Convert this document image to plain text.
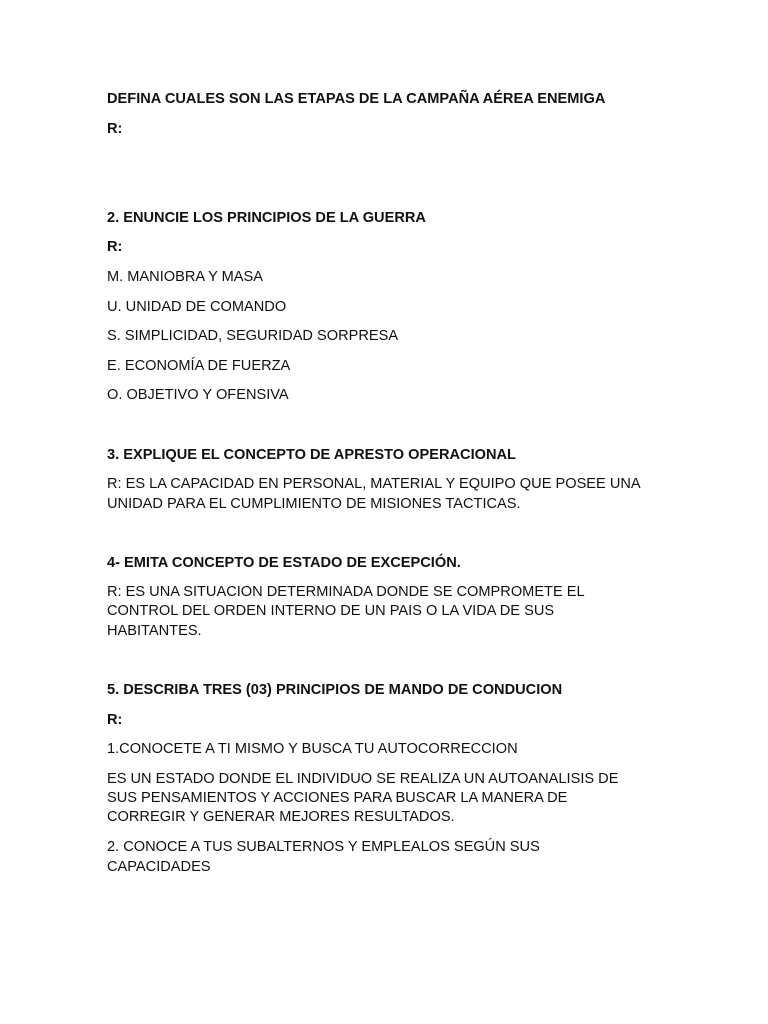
DEFINA CUALES SON LAS ETAPAS DE LA CAMPAÑA AÉREA ENEMIGA

R:

2. ENUNCIE LOS PRINCIPIOS DE LA GUERRA

R:

M. MANIOBRA Y MASA

U. UNIDAD DE COMANDO

S. SIMPLICIDAD, SEGURIDAD SORPRESA

E. ECONOMÍA DE FUERZA

O. OBJETIVO Y OFENSIVA

3. EXPLIQUE EL CONCEPTO DE APRESTO OPERACIONAL

R: ES LA CAPACIDAD EN PERSONAL, MATERIAL Y EQUIPO QUE POSEE UNA

UNIDAD PARA EL CUMPLIMIENTO DE MISIONES TACTICAS.

4- EMITA CONCEPTO DE ESTADO DE EXCEPCIÓN.

R: ES UNA SITUACION DETERMINADA DONDE SE COMPROMETE EL

CONTROL DEL ORDEN INTERNO DE UN PAIS O LA VIDA DE SUS

HABITANTES.

5. DESCRIBA TRES (03) PRINCIPIOS DE MANDO DE CONDUCION

R:

1.CONOCETE A TI MISMO Y BUSCA TU AUTOCORRECCION

ES UN ESTADO DONDE EL INDIVIDUO SE REALIZA UN AUTOANALISIS DE

SUS PENSAMIENTOS Y ACCIONES PARA BUSCAR LA MANERA DE

CORREGIR Y GENERAR MEJORES RESULTADOS.

2. CONOCE A TUS SUBALTERNOS Y EMPLEALOS SEGÚN SUS

CAPACIDADES
